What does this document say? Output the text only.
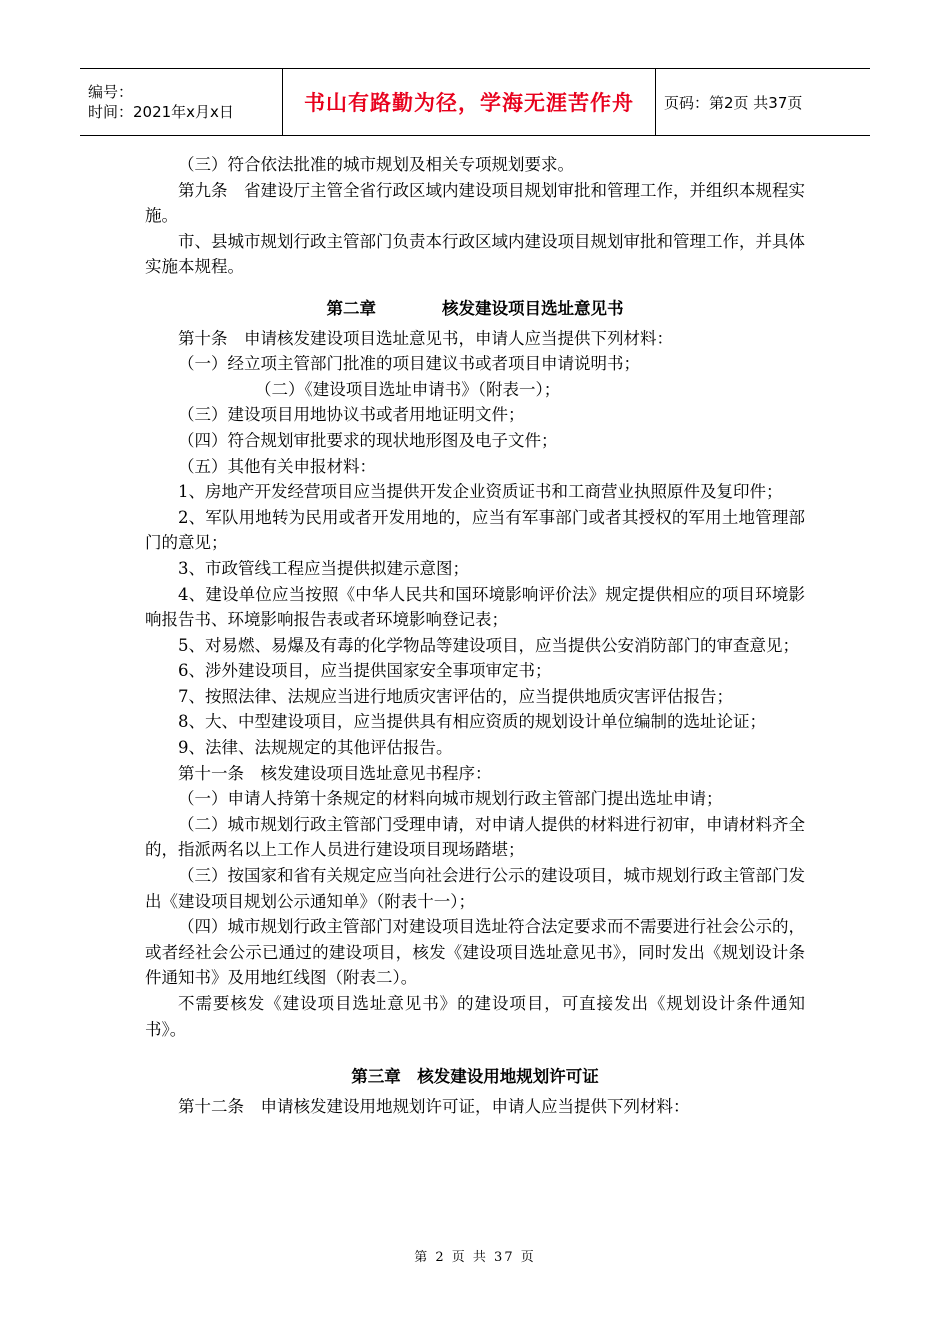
编号：
时间：2021年x月x日	书山有路勤为径，学海无涯苦作舟 页码：第2页 共37页

（三）符合依法批准的城市规划及相关专项规划要求。

第九条　省建设厅主管全省行政区域内建设项目规划审批和管理工作，并组织本规程实施。

市、县城市规划行政主管部门负责本行政区域内建设项目规划审批和管理工作，并具体实施本规程。

第二章　　　　核发建设项目选址意见书

第十条　申请核发建设项目选址意见书，申请人应当提供下列材料：

（一）经立项主管部门批准的项目建议书或者项目申请说明书；

（二）《建设项目选址申请书》（附表一）；

（三）建设项目用地协议书或者用地证明文件；

（四）符合规划审批要求的现状地形图及电子文件；

（五）其他有关申报材料：

1、房地产开发经营项目应当提供开发企业资质证书和工商营业执照原件及复印件；

2、军队用地转为民用或者开发用地的，应当有军事部门或者其授权的军用土地管理部门的意见；

3、市政管线工程应当提供拟建示意图；

4、建设单位应当按照《中华人民共和国环境影响评价法》规定提供相应的项目环境影响报告书、环境影响报告表或者环境影响登记表；

5、对易燃、易爆及有毒的化学物品等建设项目，应当提供公安消防部门的审查意见；

6、涉外建设项目，应当提供国家安全事项审定书；

7、按照法律、法规应当进行地质灾害评估的，应当提供地质灾害评估报告；

8、大、中型建设项目，应当提供具有相应资质的规划设计单位编制的选址论证；

9、法律、法规规定的其他评估报告。

第十一条　核发建设项目选址意见书程序：

（一）申请人持第十条规定的材料向城市规划行政主管部门提出选址申请；

（二）城市规划行政主管部门受理申请，对申请人提供的材料进行初审，申请材料齐全的，指派两名以上工作人员进行建设项目现场踏堪；

（三）按国家和省有关规定应当向社会进行公示的建设项目，城市规划行政主管部门发出《建设项目规划公示通知单》（附表十一）；

（四）城市规划行政主管部门对建设项目选址符合法定要求而不需要进行社会公示的，或者经社会公示已通过的建设项目，核发《建设项目选址意见书》，同时发出《规划设计条件通知书》及用地红线图（附表二）。

不需要核发《建设项目选址意见书》的建设项目，可直接发出《规划设计条件通知书》。

第三章　核发建设用地规划许可证

第十二条　申请核发建设用地规划许可证，申请人应当提供下列材料：

第 2 页 共 37 页
